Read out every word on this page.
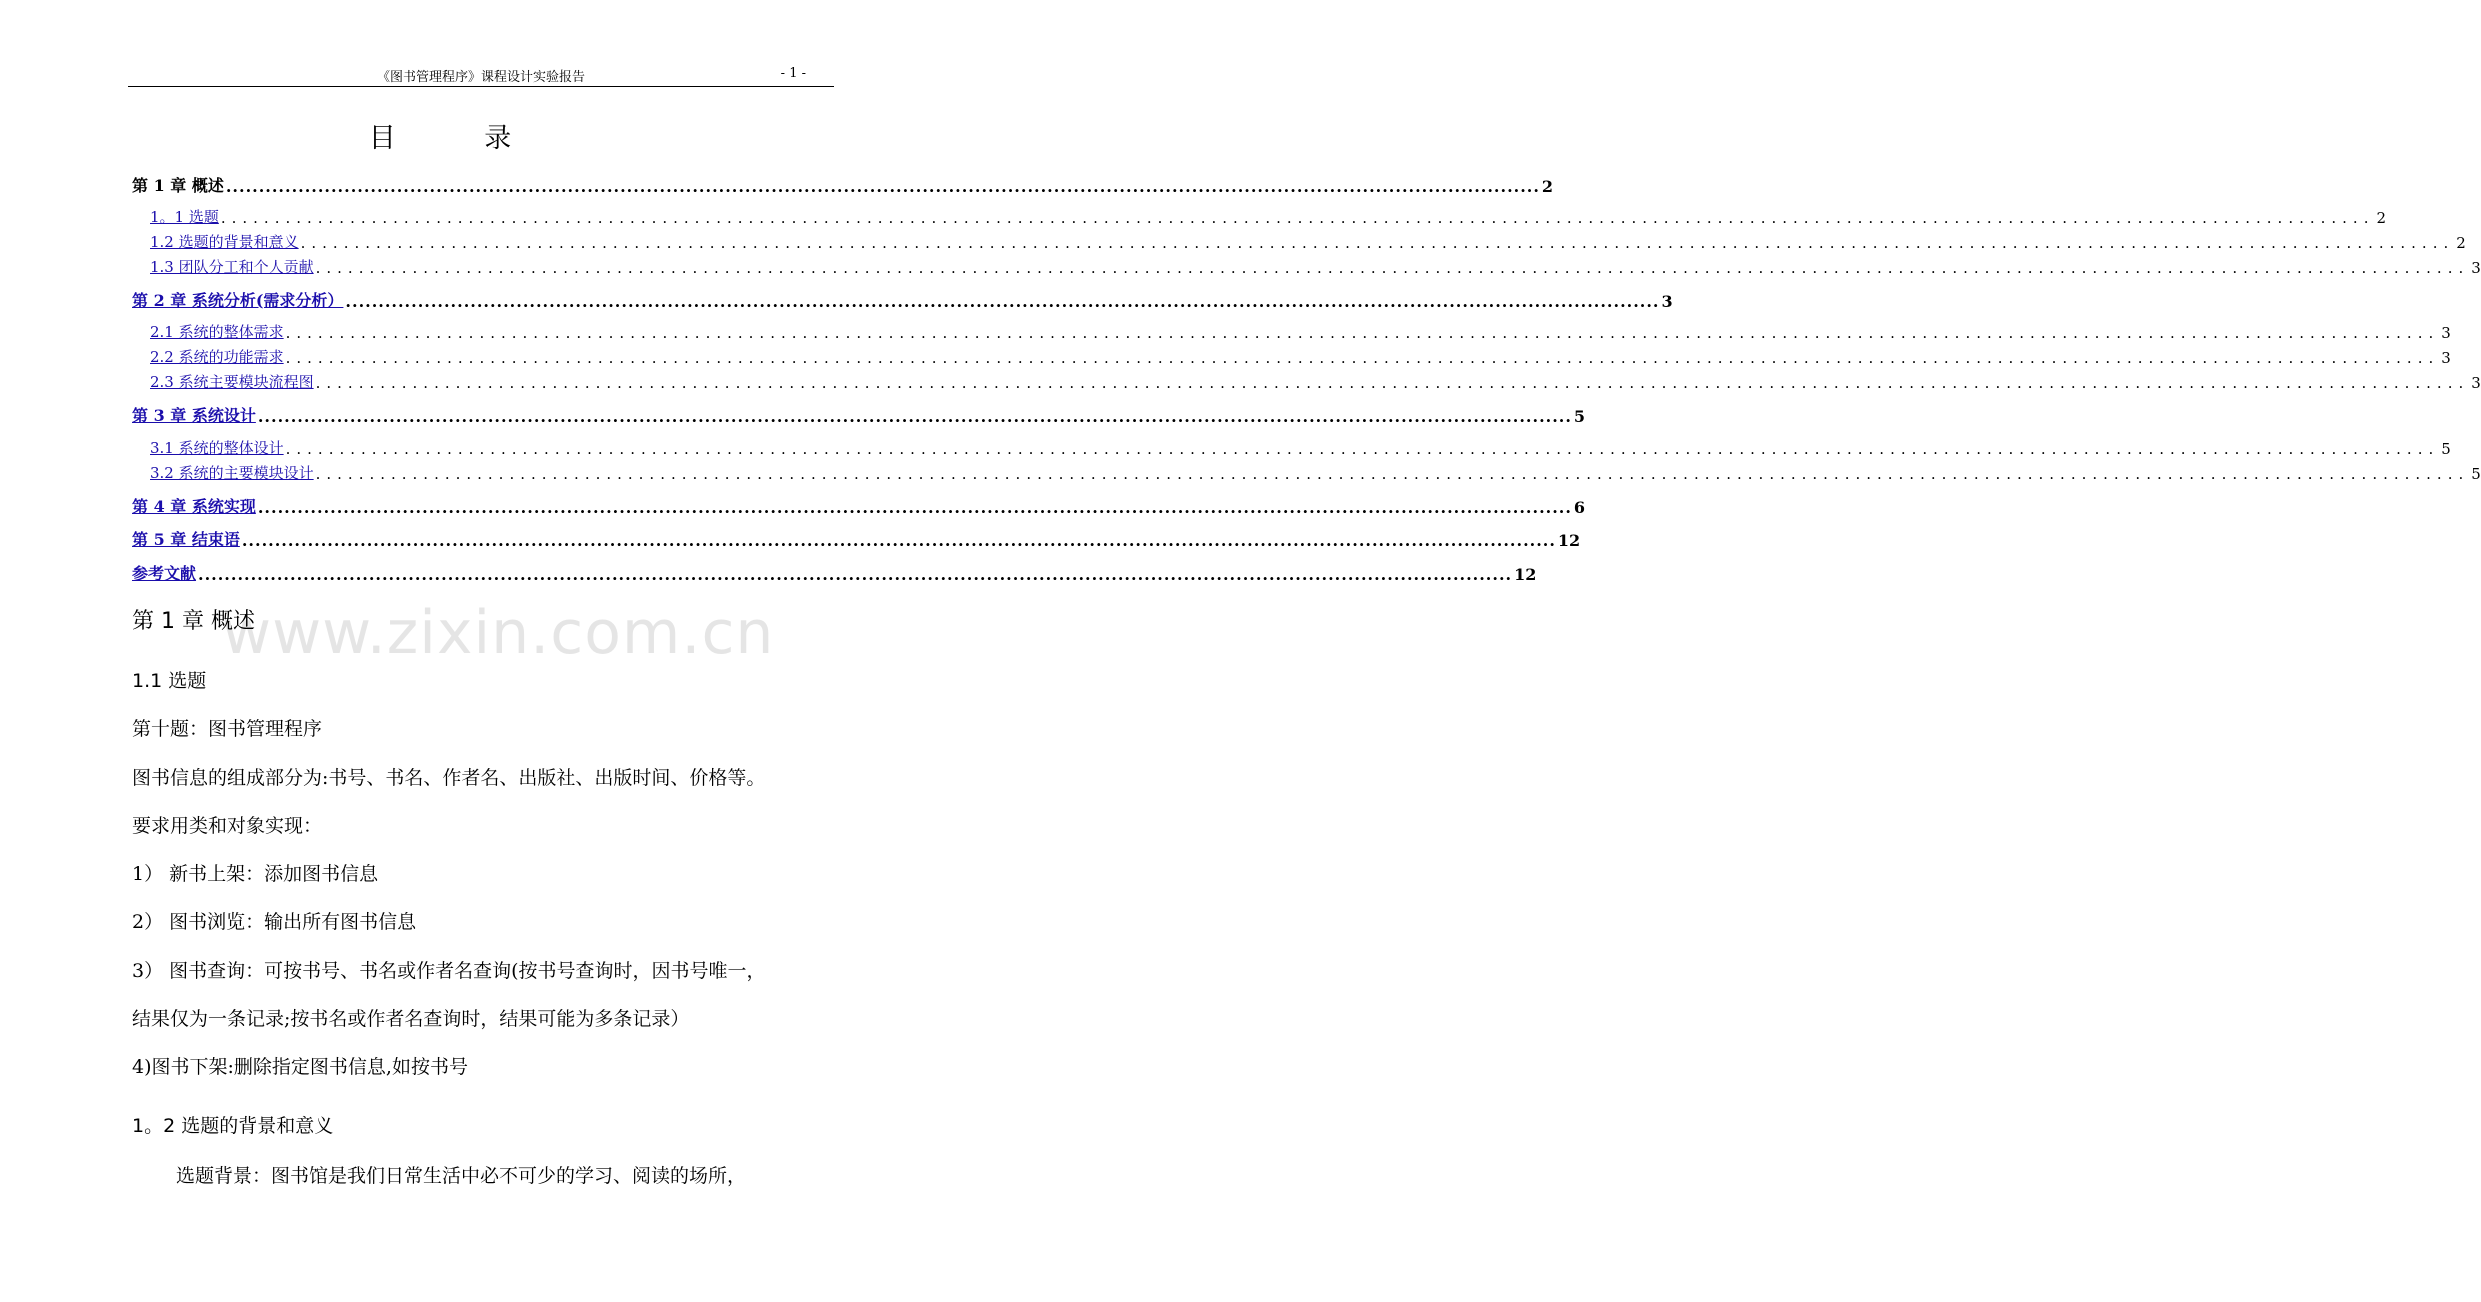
《图书管理程序》课程设计实验报告	- 1 -
目 录
第 1 章 概述 ........................................................................................................................................................................................................ 2
1。1 选题 ........................................................................................................................................................................................................ 2
1.2 选题的背景和意义 ........................................................................................................................................................................................................ 2
1.3 团队分工和个人贡献 ........................................................................................................................................................................................................ 3
第 2 章 系统分析(需求分析） ........................................................................................................................................................................................................ 3
2.1 系统的整体需求 ........................................................................................................................................................................................................ 3
2.2 系统的功能需求 ........................................................................................................................................................................................................ 3
2.3 系统主要模块流程图 ........................................................................................................................................................................................................ 3
第 3 章 系统设计 ........................................................................................................................................................................................................ 5
3.1 系统的整体设计 ........................................................................................................................................................................................................ 5
3.2 系统的主要模块设计 ........................................................................................................................................................................................................ 5
第 4 章 系统实现 ........................................................................................................................................................................................................ 6
第 5 章 结束语 ........................................................................................................................................................................................................ 12
参考文献 ........................................................................................................................................................................................................ 12
www.zixin.com.cn
第 1 章 概述
1.1 选题
第十题：图书管理程序
图书信息的组成部分为:书号、书名、作者名、出版社、出版时间、价格等。
要求用类和对象实现：
1） 新书上架：添加图书信息
2） 图书浏览：输出所有图书信息
3） 图书查询：可按书号、书名或作者名查询(按书号查询时，因书号唯一，
结果仅为一条记录;按书名或作者名查询时，结果可能为多条记录）
4)图书下架:删除指定图书信息,如按书号
1。2 选题的背景和意义
选题背景：图书馆是我们日常生活中必不可少的学习、阅读的场所，
